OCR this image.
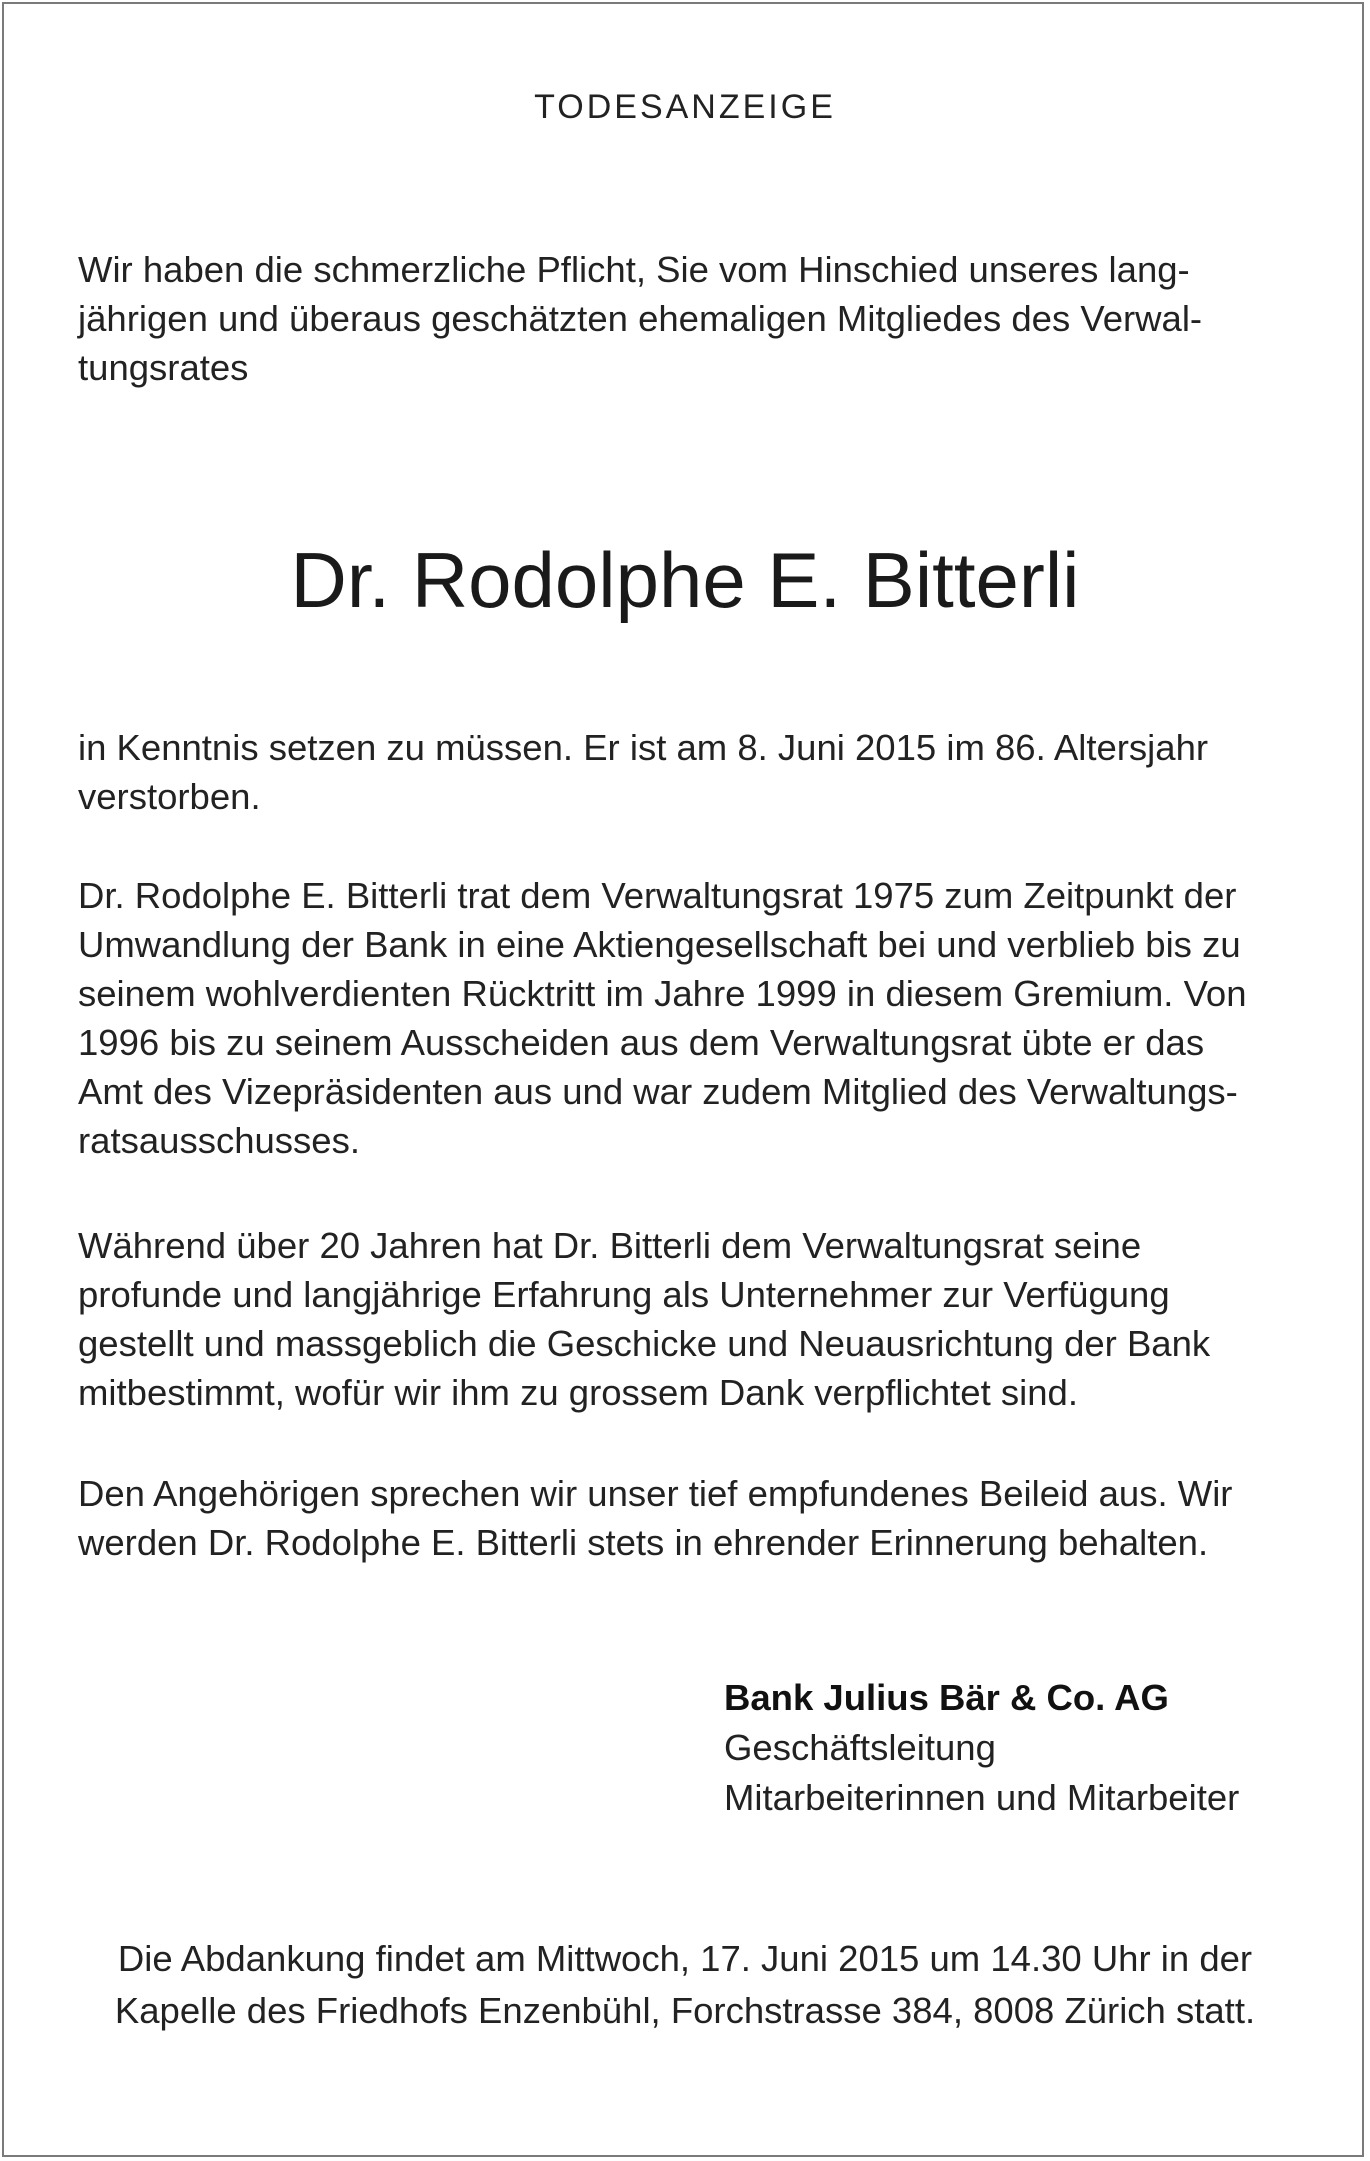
TODESANZEIGE
Wir haben die schmerzliche Pflicht, Sie vom Hinschied unseres lang-
jährigen und überaus geschätzten ehemaligen Mitgliedes des Verwal-
tungsrates
Dr. Rodolphe E. Bitterli
in Kenntnis setzen zu müssen. Er ist am 8. Juni 2015 im 86. Altersjahr
verstorben.
Dr. Rodolphe E. Bitterli trat dem Verwaltungsrat 1975 zum Zeitpunkt der
Umwandlung der Bank in eine Aktiengesellschaft bei und verblieb bis zu
seinem wohlverdienten Rücktritt im Jahre 1999 in diesem Gremium. Von
1996 bis zu seinem Ausscheiden aus dem Verwaltungsrat übte er das
Amt des Vizepräsidenten aus und war zudem Mitglied des Verwaltungs-
ratsausschusses.
Während über 20 Jahren hat Dr. Bitterli dem Verwaltungsrat seine
profunde und langjährige Erfahrung als Unternehmer zur Verfügung
gestellt und massgeblich die Geschicke und Neuausrichtung der Bank
mitbestimmt, wofür wir ihm zu grossem Dank verpflichtet sind.
Den Angehörigen sprechen wir unser tief empfundenes Beileid aus. Wir
werden Dr. Rodolphe E. Bitterli stets in ehrender Erinnerung behalten.
Bank Julius Bär & Co. AG
Geschäftsleitung
Mitarbeiterinnen und Mitarbeiter
Die Abdankung findet am Mittwoch, 17. Juni 2015 um 14.30 Uhr in der
Kapelle des Friedhofs Enzenbühl, Forchstrasse 384, 8008 Zürich statt.
